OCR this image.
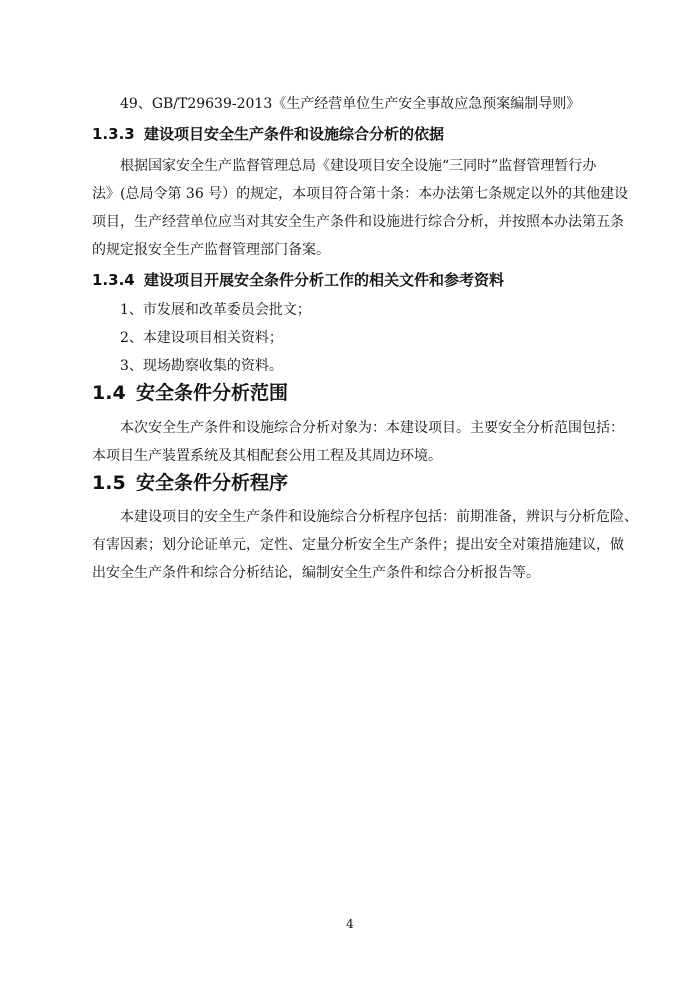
49、GB/T29639-2013《生产经营单位生产安全事故应急预案编制导则》
1.3.3 建设项目安全生产条件和设施综合分析的依据
根据国家安全生产监督管理总局《建设项目安全设施“三同时”监督管理暂行办
法》(总局令第 36 号）的规定，本项目符合第十条：本办法第七条规定以外的其他建设
项目，生产经营单位应当对其安全生产条件和设施进行综合分析，并按照本办法第五条
的规定报安全生产监督管理部门备案。
1.3.4 建设项目开展安全条件分析工作的相关文件和参考资料
1、市发展和改革委员会批文；
2、本建设项目相关资料；
3、现场勘察收集的资料。
1.4 安全条件分析范围
本次安全生产条件和设施综合分析对象为：本建设项目。主要安全分析范围包括：
本项目生产装置系统及其相配套公用工程及其周边环境。
1.5 安全条件分析程序
本建设项目的安全生产条件和设施综合分析程序包括：前期准备，辨识与分析危险、
有害因素；划分论证单元，定性、定量分析安全生产条件；提出安全对策措施建议，做
出安全生产条件和综合分析结论，编制安全生产条件和综合分析报告等。
4
